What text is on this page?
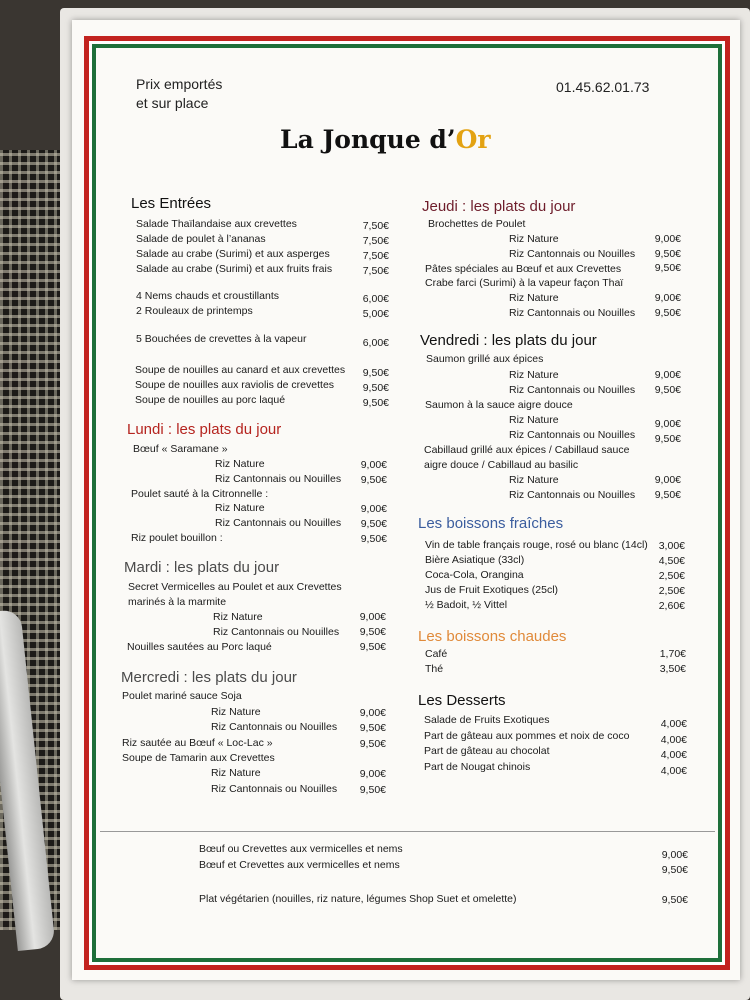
Prix emportés
et sur place
01.45.62.01.73
La Jonque d’Or
Les Entrées
Salade Thaïlandaise aux crevettes	7,50€
Salade de poulet à l’ananas	7,50€
Salade au crabe (Surimi) et aux asperges	7,50€
Salade au crabe (Surimi) et aux fruits frais	7,50€
4 Nems chauds et croustillants	6,00€
2 Rouleaux de printemps	5,00€
5 Bouchées de crevettes à la vapeur	6,00€
Soupe de nouilles au canard et aux crevettes	9,50€
Soupe de nouilles aux raviolis de crevettes	9,50€
Soupe de nouilles au porc laqué	9,50€
Lundi : les plats du jour
Bœuf « Saramane »
Riz Nature	9,00€
Riz Cantonnais ou Nouilles	9,50€
Poulet sauté à la Citronnelle :
Riz Nature	9,00€
Riz Cantonnais ou Nouilles	9,50€
Riz poulet bouillon :	9,50€
Mardi : les plats du jour
Secret Vermicelles au Poulet et aux Crevettes
marinés à la marmite
Riz Nature	9,00€
Riz Cantonnais ou Nouilles	9,50€
Nouilles sautées au Porc laqué	9,50€
Mercredi : les plats du jour
Poulet mariné sauce Soja
Riz Nature	9,00€
Riz Cantonnais ou Nouilles	9,50€
Riz sautée au Bœuf « Loc-Lac »	9,50€
Soupe de Tamarin aux Crevettes
Riz Nature	9,00€
Riz Cantonnais ou Nouilles	9,50€
Jeudi : les plats du jour
Brochettes de Poulet
Riz Nature	9,00€
Riz Cantonnais ou Nouilles	9,50€
Pâtes spéciales au Bœuf et aux Crevettes	9,50€
Crabe farci (Surimi) à la vapeur façon Thaï
Riz Nature	9,00€
Riz Cantonnais ou Nouilles	9,50€
Vendredi : les plats du jour
Saumon grillé aux épices
Riz Nature	9,00€
Riz Cantonnais ou Nouilles	9,50€
Saumon à la sauce aigre douce
Riz Nature	9,00€
Riz Cantonnais ou Nouilles	9,50€
Cabillaud grillé aux épices / Cabillaud sauce
aigre douce / Cabillaud au basilic
Riz Nature	9,00€
Riz Cantonnais ou Nouilles	9,50€
Les boissons fraîches
Vin de table français rouge, rosé ou blanc (14cl)	3,00€
Bière Asiatique (33cl)	4,50€
Coca-Cola, Orangina	2,50€
Jus de Fruit Exotiques (25cl)	2,50€
½ Badoit, ½ Vittel	2,60€
Les boissons chaudes
Café	1,70€
Thé	3,50€
Les Desserts
Salade de Fruits Exotiques	4,00€
Part de gâteau aux pommes et noix de coco	4,00€
Part de gâteau au chocolat	4,00€
Part de Nougat chinois	4,00€
Bœuf ou Crevettes aux vermicelles et nems	9,00€
Bœuf et Crevettes aux vermicelles et nems	9,50€
Plat végétarien (nouilles, riz nature, légumes Shop Suet et omelette)	9,50€
